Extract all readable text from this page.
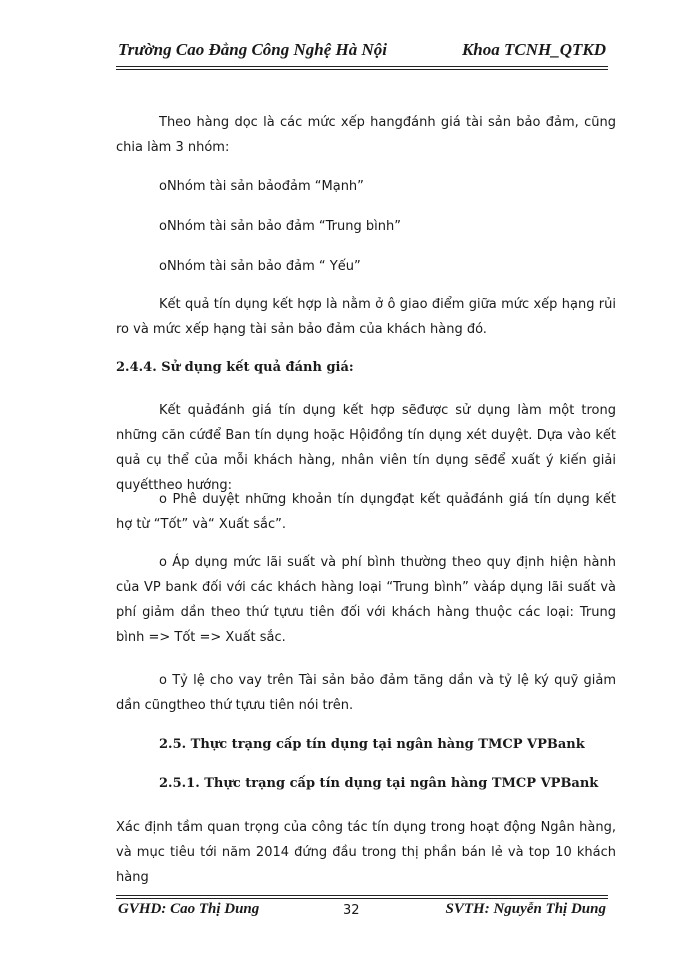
Trường Cao Đẳng Công Nghệ Hà Nội	Khoa TCNH_QTKD

Theo hàng dọc là các mức xếp hangđánh giá tài sản bảo đảm, cũng chia làm 3 nhóm:

oNhóm tài sản bảođảm “Mạnh”

oNhóm tài sản bảo đảm “Trung bình”

oNhóm tài sản bảo đảm “ Yếu”

Kết quả tín dụng kết hợp là nằm ở ô giao điểm giữa mức xếp hạng rủi ro và mức xếp hạng tài sản bảo đảm của khách hàng đó.

2.4.4. Sử dụng kết quả đánh giá:

Kết quảđánh giá tín dụng kết hợp sẽđược sử dụng làm một trong những căn cứđể Ban tín dụng hoặc Hộiđồng tín dụng xét duyệt. Dựa vào kết quả cụ thể của mỗi khách hàng, nhân viên tín dụng sẽđể xuất ý kiến giải quyếttheo hướng:

o Phê duyệt những khoản tín dụngđạt kết quảđánh giá tín dụng kết hợ từ “Tốt” và“ Xuất sắc”.

o Áp dụng mức lãi suất và phí bình thường theo quy định hiện hành của VP bank đối với các khách hàng loại “Trung bình” vàáp dụng lãi suất và phí giảm dần theo thứ tựưu tiên đối với khách hàng thuộc các loại: Trung bình => Tốt => Xuất sắc.

o Tỷ lệ cho vay trên Tài sản bảo đảm tăng dần và tỷ lệ ký quỹ giảm dần cũngtheo thứ tựưu tiên nói trên.

2.5. Thực trạng cấp tín dụng tại ngân hàng TMCP VPBank

2.5.1. Thực trạng cấp tín dụng tại ngân hàng TMCP VPBank

Xác định tầm quan trọng của công tác tín dụng trong hoạt động Ngân hàng, và mục tiêu tới năm 2014 đứng đầu trong thị phần bán lẻ và top 10 khách hàng

GVHD: Cao Thị Dung	32	SVTH: Nguyễn Thị Dung
